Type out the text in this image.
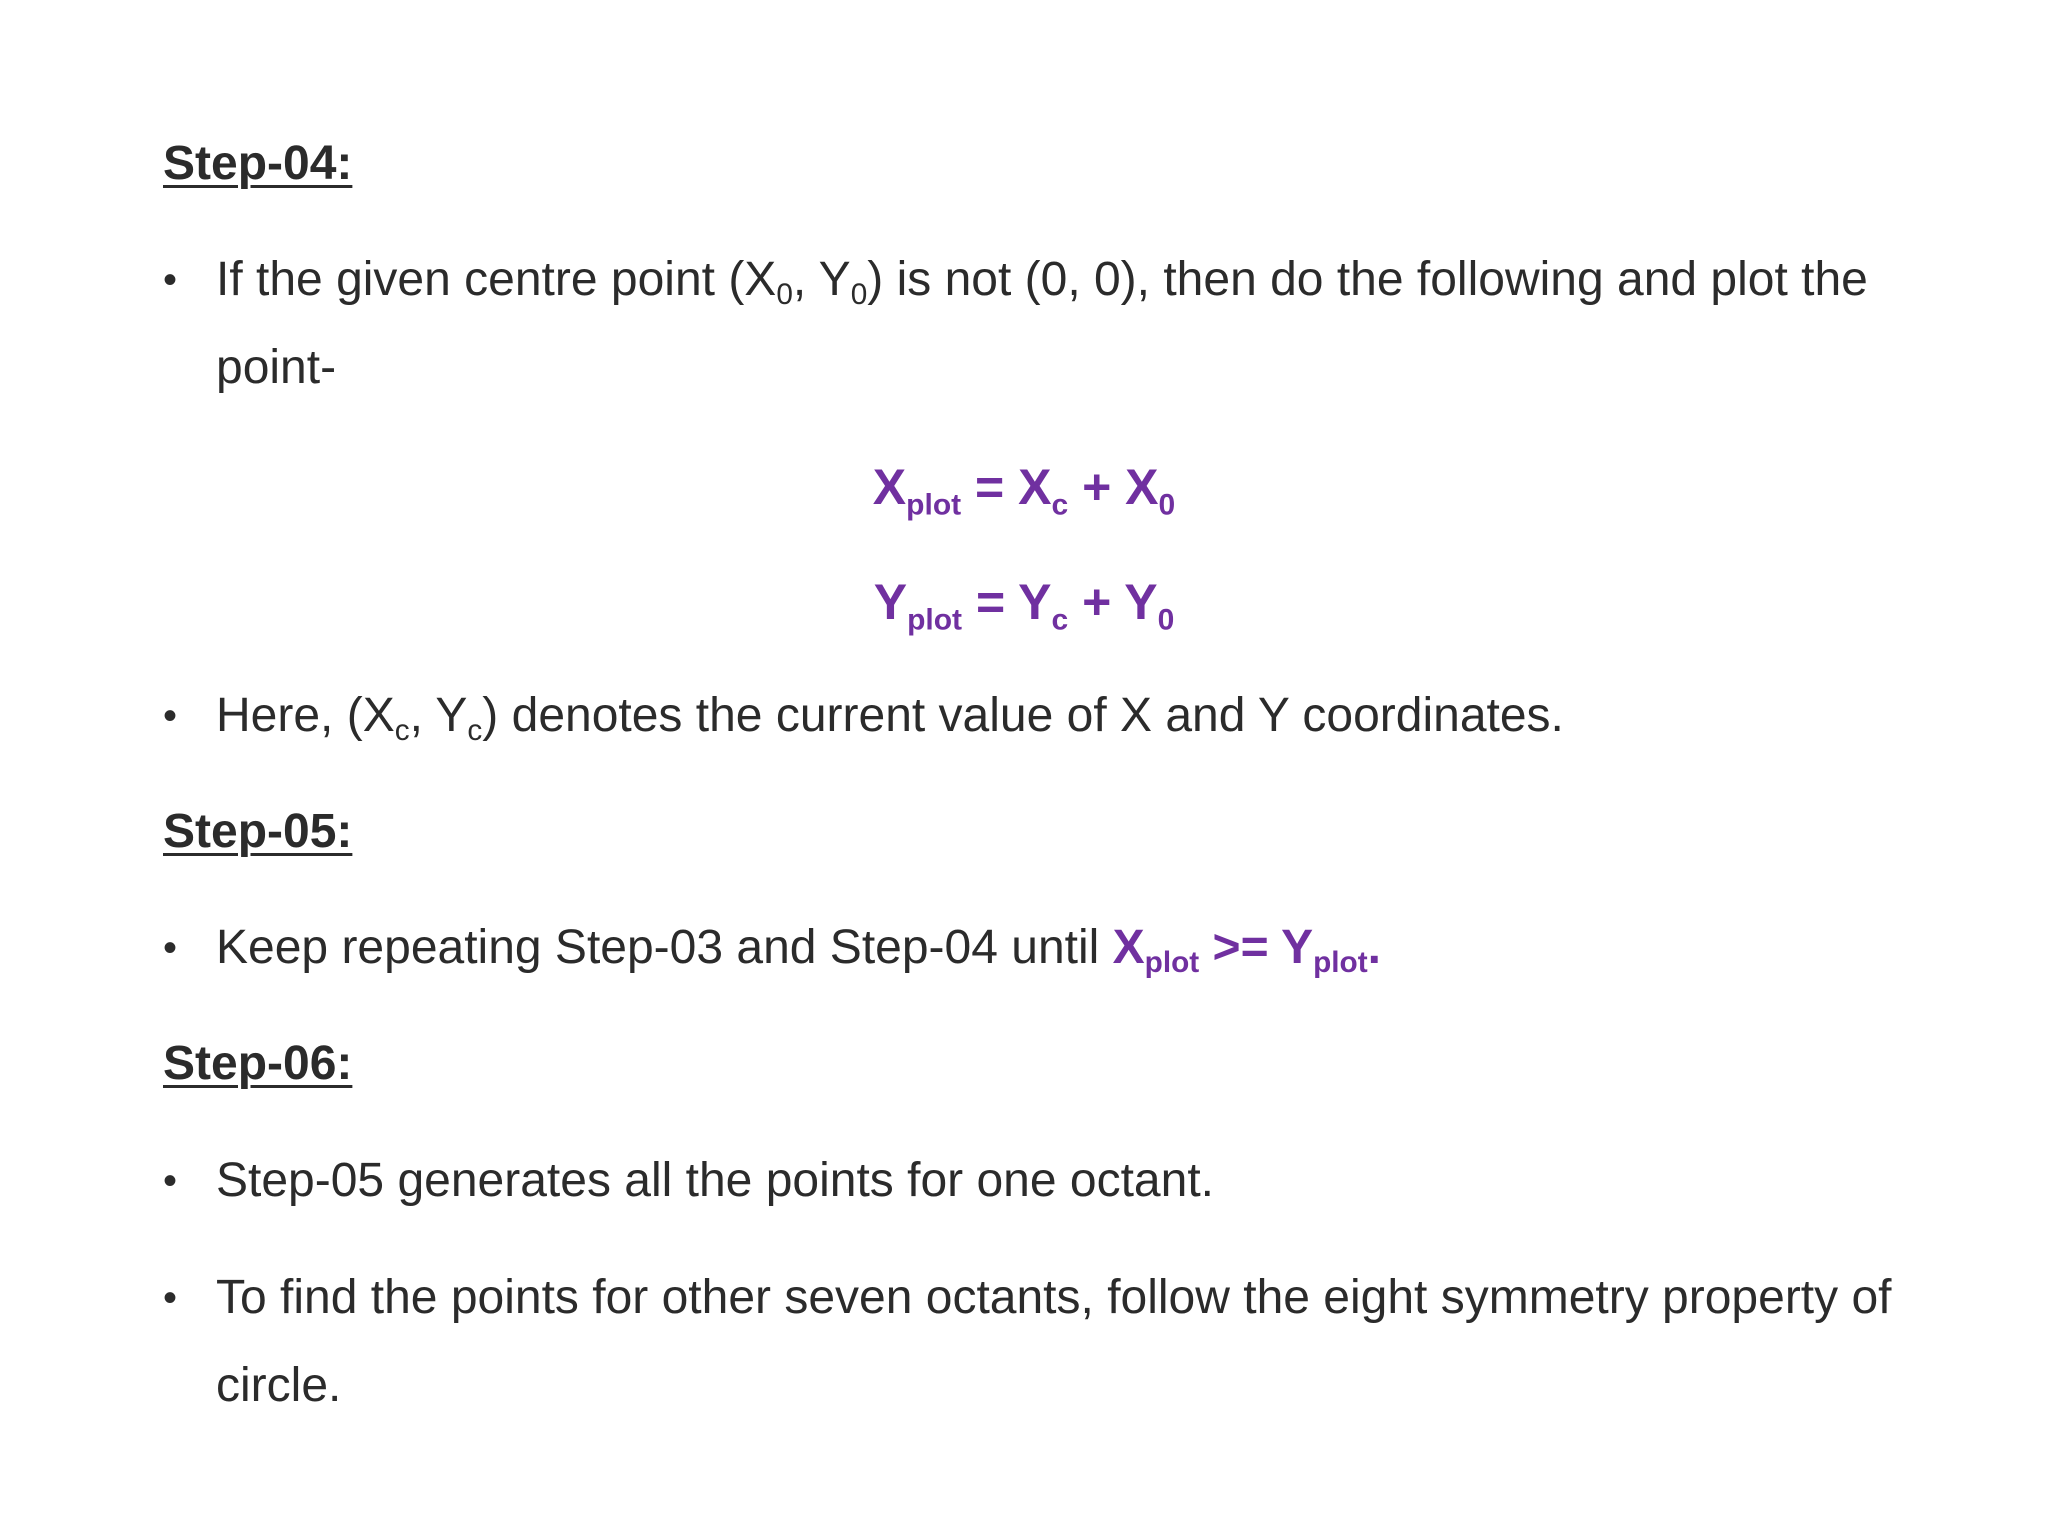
Step-04:
• If the given centre point ($X_0$, $Y_0$) is not (0, 0), then do the following and plot the point-
$X_{plot} = X_c + X_0$
$Y_{plot} = Y_c + Y_0$
• Here, ($X_c$, $Y_c$) denotes the current value of X and Y coordinates.
Step-05:
• Keep repeating Step-03 and Step-04 until $X_{plot} >= Y_{plot}$.
Step-06:
• Step-05 generates all the points for one octant.
• To find the points for other seven octants, follow the eight symmetry property of circle.
